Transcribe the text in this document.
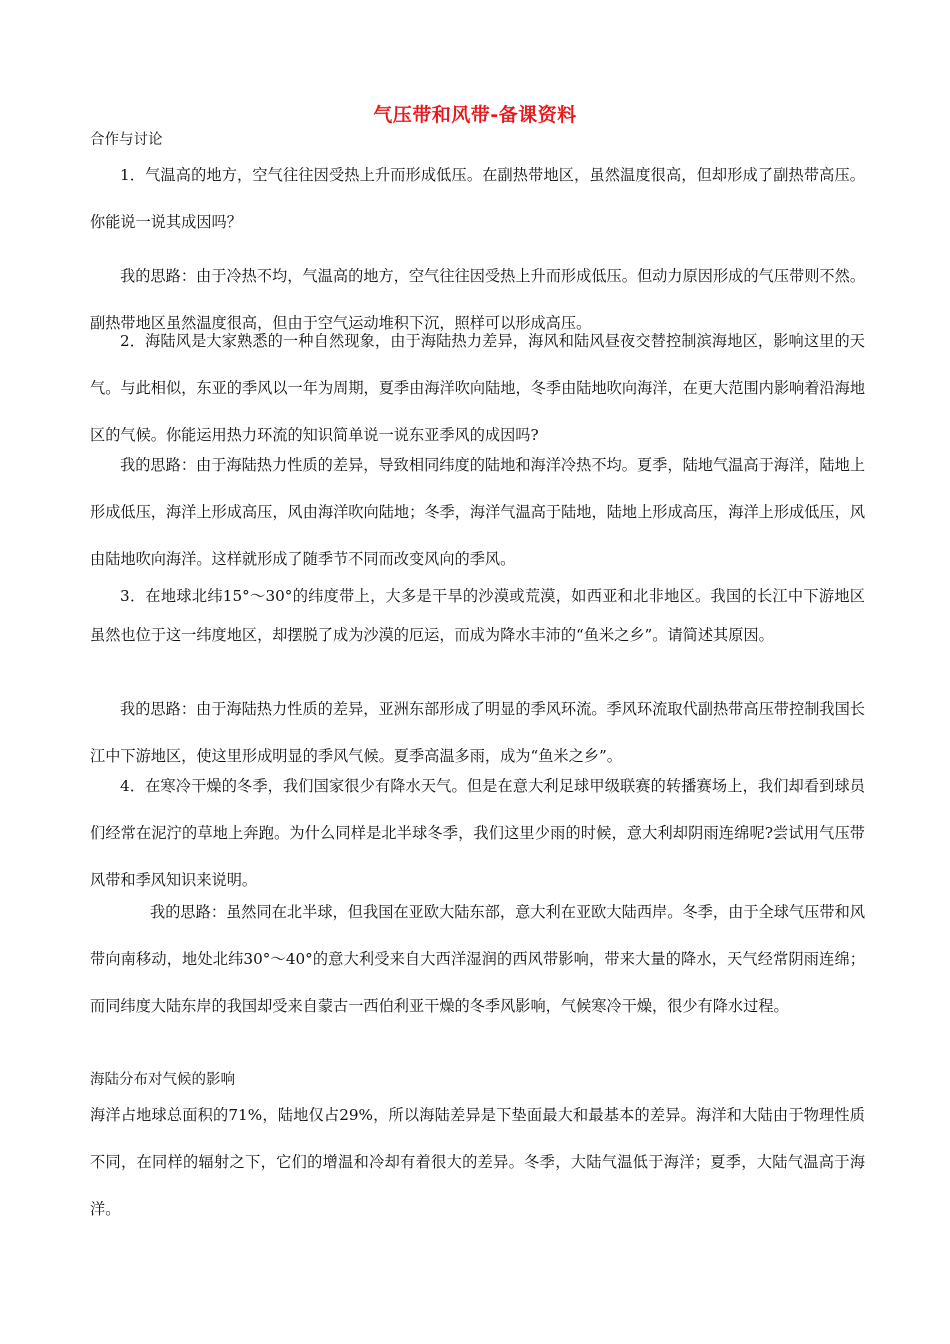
气压带和风带-备课资料
合作与讨论
1．气温高的地方，空气往往因受热上升而形成低压。在副热带地区，虽然温度很高，但却形成了副热带高压。你能说一说其成因吗？
我的思路：由于冷热不均，气温高的地方，空气往往因受热上升而形成低压。但动力原因形成的气压带则不然。副热带地区虽然温度很高，但由于空气运动堆积下沉，照样可以形成高压。
2．海陆风是大家熟悉的一种自然现象，由于海陆热力差异，海风和陆风昼夜交替控制滨海地区，影响这里的天气。与此相似，东亚的季风以一年为周期，夏季由海洋吹向陆地，冬季由陆地吹向海洋，在更大范围内影响着沿海地区的气候。你能运用热力环流的知识简单说一说东亚季风的成因吗?
我的思路：由于海陆热力性质的差异，导致相同纬度的陆地和海洋冷热不均。夏季，陆地气温高于海洋，陆地上形成低压，海洋上形成高压，风由海洋吹向陆地；冬季，海洋气温高于陆地，陆地上形成高压，海洋上形成低压，风由陆地吹向海洋。这样就形成了随季节不同而改变风向的季风。
3．在地球北纬15°～30°的纬度带上，大多是干旱的沙漠或荒漠，如西亚和北非地区。我国的长江中下游地区虽然也位于这一纬度地区，却摆脱了成为沙漠的厄运，而成为降水丰沛的“鱼米之乡”。请简述其原因。
我的思路：由于海陆热力性质的差异，亚洲东部形成了明显的季风环流。季风环流取代副热带高压带控制我国长江中下游地区，使这里形成明显的季风气候。夏季高温多雨，成为“鱼米之乡”。
4．在寒冷干燥的冬季，我们国家很少有降水天气。但是在意大利足球甲级联赛的转播赛场上，我们却看到球员们经常在泥泞的草地上奔跑。为什么同样是北半球冬季，我们这里少雨的时候，意大利却阴雨连绵呢?尝试用气压带风带和季风知识来说明。
我的思路：虽然同在北半球，但我国在亚欧大陆东部，意大利在亚欧大陆西岸。冬季，由于全球气压带和风带向南移动，地处北纬30°～40°的意大利受来自大西洋湿润的西风带影响，带来大量的降水，天气经常阴雨连绵；而同纬度大陆东岸的我国却受来自蒙古一西伯利亚干燥的冬季风影响，气候寒冷干燥，很少有降水过程。
海陆分布对气候的影响
海洋占地球总面积的71%，陆地仅占29%，所以海陆差异是下垫面最大和最基本的差异。海洋和大陆由于物理性质不同，在同样的辐射之下，它们的增温和冷却有着很大的差异。冬季，大陆气温低于海洋；夏季，大陆气温高于海洋。
